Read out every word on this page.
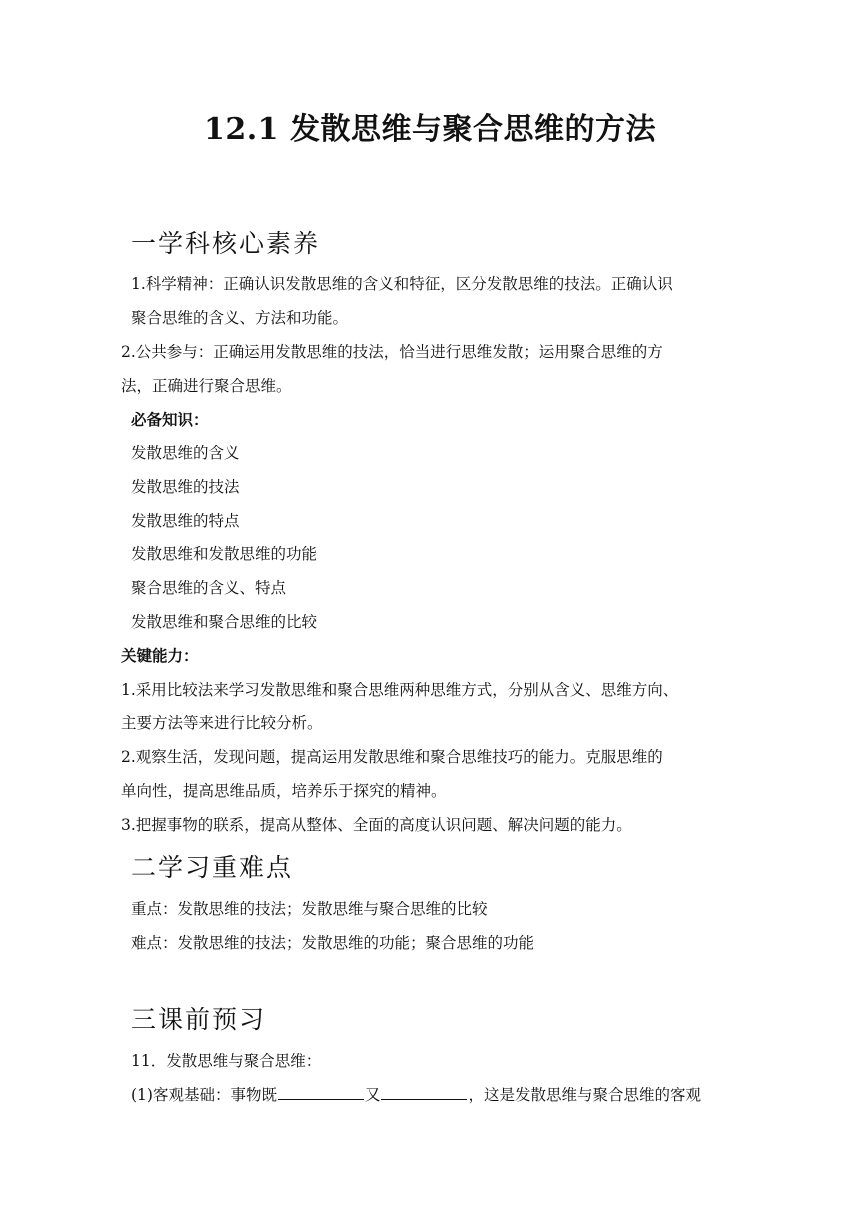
12.1 发散思维与聚合思维的方法
一学科核心素养
1.科学精神：正确认识发散思维的含义和特征，区分发散思维的技法。正确认识
聚合思维的含义、方法和功能。
2.公共参与：正确运用发散思维的技法，恰当进行思维发散；运用聚合思维的方
法，正确进行聚合思维。
必备知识：
发散思维的含义
发散思维的技法
发散思维的特点
发散思维和发散思维的功能
聚合思维的含义、特点
发散思维和聚合思维的比较
关键能力：
1.采用比较法来学习发散思维和聚合思维两种思维方式，分别从含义、思维方向、
主要方法等来进行比较分析。
2.观察生活，发现问题，提高运用发散思维和聚合思维技巧的能力。克服思维的
单向性，提高思维品质，培养乐于探究的精神。
3.把握事物的联系，提高从整体、全面的高度认识问题、解决问题的能力。
二学习重难点
重点：发散思维的技法；发散思维与聚合思维的比较
难点：发散思维的技法；发散思维的功能；聚合思维的功能
三课前预习
11．发散思维与聚合思维：
(1)客观基础：事物既	又	，这是发散思维与聚合思维的客观
